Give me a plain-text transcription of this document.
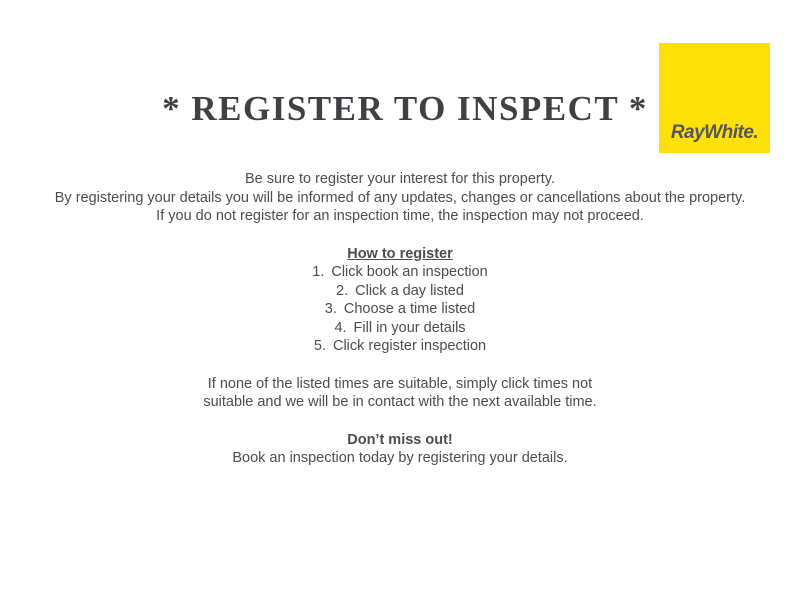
* REGISTER TO INSPECT *
RayWhite.
Be sure to register your interest for this property.
By registering your details you will be informed of any updates, changes or cancellations about the property.
If you do not register for an inspection time, the inspection may not proceed.
How to register
1. Click book an inspection
2. Click a day listed
3. Choose a time listed
4. Fill in your details
5. Click register inspection
If none of the listed times are suitable, simply click times not
suitable and we will be in contact with the next available time.
Don’t miss out!
Book an inspection today by registering your details.
